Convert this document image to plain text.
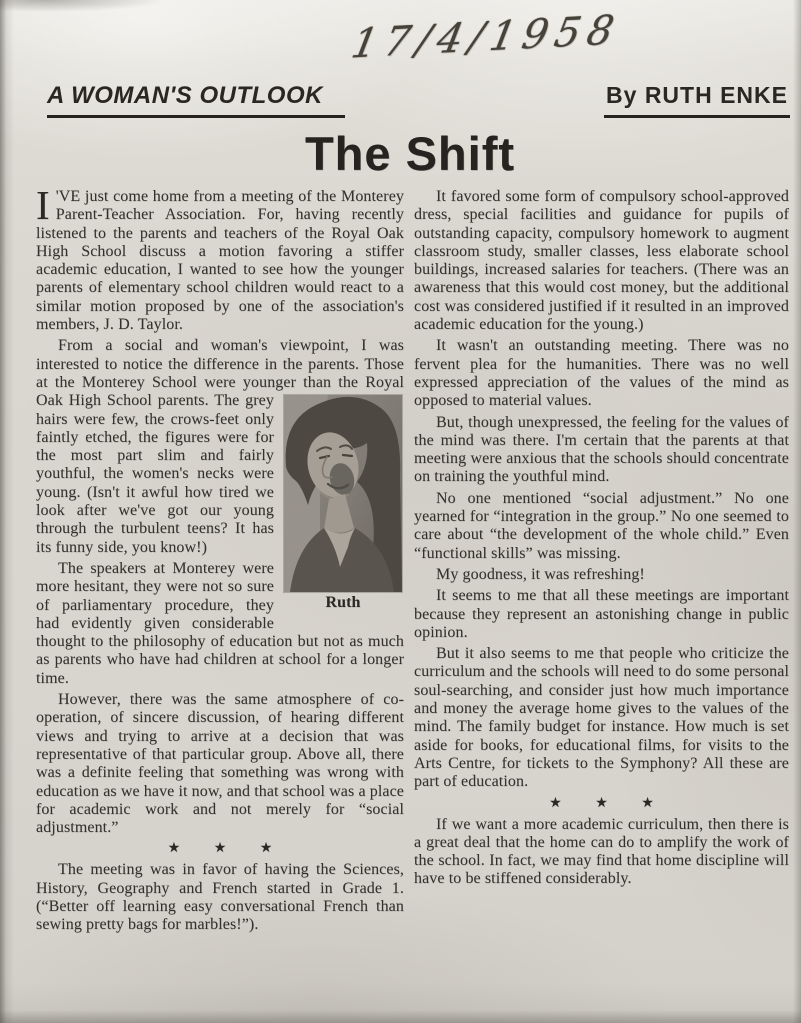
17/4/1958
A WOMAN'S OUTLOOK	By RUTH ENKE
The Shift

I 'VE just come home from a meeting of the Monterey Parent-Teacher Association. For, having recently listened to the parents and teachers of the Royal Oak High School discuss a motion favoring a stiffer academic education, I wanted to see how the younger parents of elementary school children would react to a similar motion proposed by one of the association's members, J. D. Taylor.

From a social and woman's viewpoint, I was interested to notice the difference in the parents. Those at the Monterey School were younger than the Royal Oak High
Ruth
School parents. The grey hairs were few, the crows-feet only faintly etched, the figures were for the most part slim and fairly youthful, the women's necks were young. (Isn't it awful how tired we look after we've got our young through the turbulent teens? It has its funny side, you know!)

The speakers at Monterey were more hesitant, they were not so sure of parliamentary procedure, they had evidently given considerable thought to the philosophy of education but not as much as parents who have had children at school for a longer time.

However, there was the same atmosphere of co-operation, of sincere discussion, of hearing different views and trying to arrive at a decision that was representative of that particular group. Above all, there was a definite feeling that something was wrong with education as we have it now, and that school was a place for academic work and not merely for “social adjustment.”

★ ★ ★

The meeting was in favor of having the Sciences, History, Geography and French started in Grade 1. (“Better off learning easy conversational French than sewing pretty bags for marbles!”).

It favored some form of compulsory school-approved dress, special facilities and guidance for pupils of outstanding capacity, compulsory homework to augment classroom study, smaller classes, less elaborate school buildings, increased salaries for teachers. (There was an awareness that this would cost money, but the additional cost was considered justified if it resulted in an improved academic education for the young.)

It wasn't an outstanding meeting. There was no fervent plea for the humanities. There was no well expressed appreciation of the values of the mind as opposed to material values.

But, though unexpressed, the feeling for the values of the mind was there. I'm certain that the parents at that meeting were anxious that the schools should concentrate on training the youthful mind.

No one mentioned “social adjustment.” No one yearned for “integration in the group.” No one seemed to care about “the development of the whole child.” Even “functional skills” was missing.

My goodness, it was refreshing!

It seems to me that all these meetings are important because they represent an astonishing change in public opinion.

But it also seems to me that people who criticize the curriculum and the schools will need to do some personal soul-searching, and consider just how much importance and money the average home gives to the values of the mind. The family budget for instance. How much is set aside for books, for educational films, for visits to the Arts Centre, for tickets to the Symphony? All these are part of education.

★ ★ ★

If we want a more academic curriculum, then there is a great deal that the home can do to amplify the work of the school. In fact, we may find that home discipline will have to be stiffened considerably.
